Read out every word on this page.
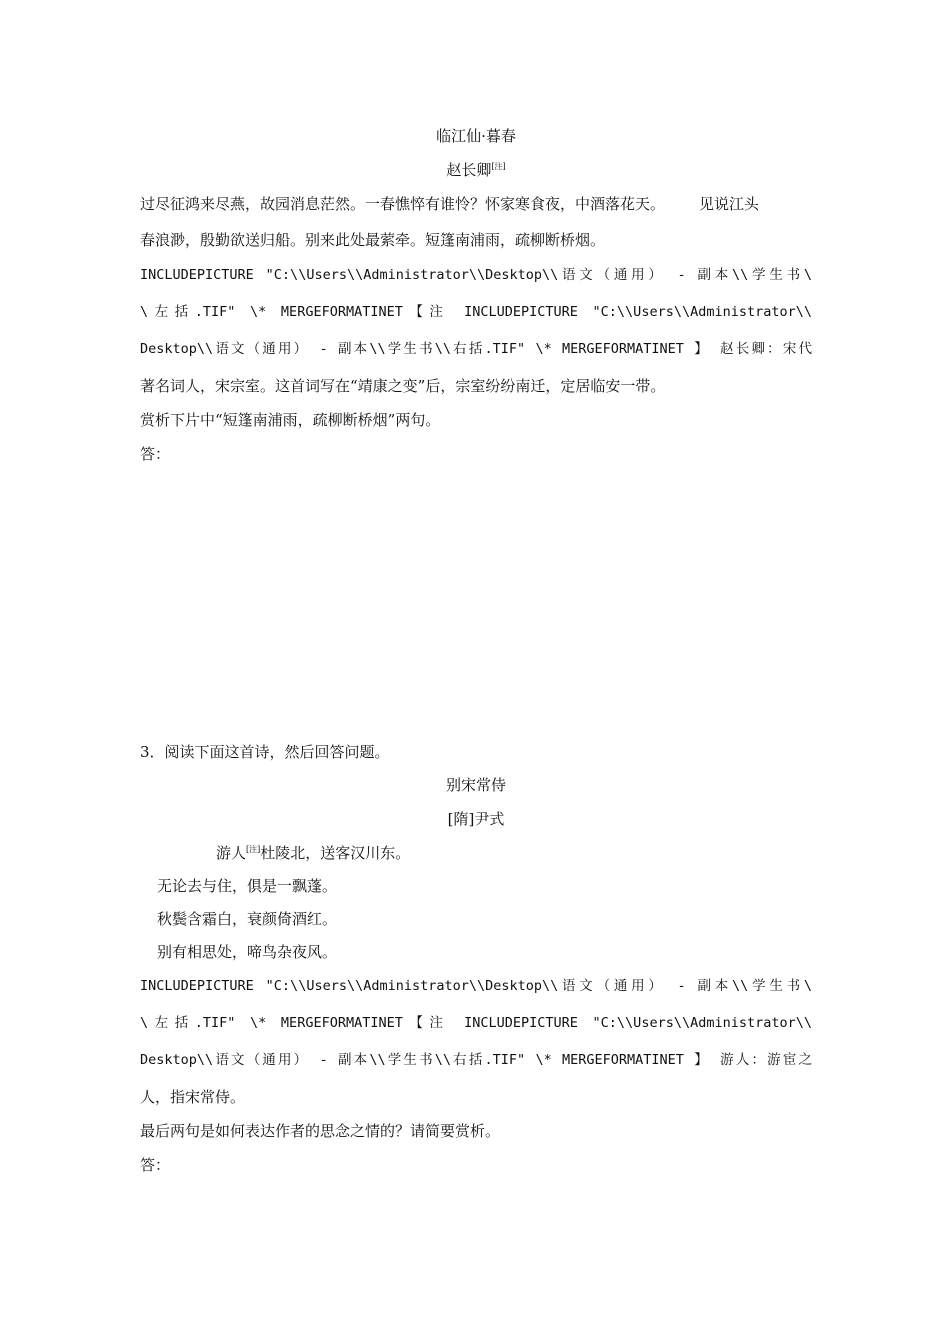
临江仙·暮春
赵长卿[注]
过尽征鸿来尽燕，故园消息茫然。一春憔悴有谁怜？怀家寒食夜，中酒落花天。 见说江头
春浪渺，殷勤欲送归船。别来此处最萦牵。短篷南浦雨，疏柳断桥烟。
INCLUDEPICTURE "C:\\Users\\Administrator\\Desktop\\语文（通用） - 副本\\学生书\
\左括.TIF" \* MERGEFORMATINET【注 INCLUDEPICTURE "C:\\Users\\Administrator\\
Desktop\\语文（通用） - 副本\\学生书\\右括.TIF" \* MERGEFORMATINET 】 赵长卿：宋代
著名词人，宋宗室。这首词写在“靖康之变”后，宗室纷纷南迁，定居临安一带。
赏析下片中“短篷南浦雨，疏柳断桥烟”两句。
答：
3．阅读下面这首诗，然后回答问题。
别宋常侍
[隋]尹式
游人[注]杜陵北，送客汉川东。
无论去与住，俱是一飘蓬。
秋鬓含霜白，衰颜倚酒红。
别有相思处，啼鸟杂夜风。
INCLUDEPICTURE "C:\\Users\\Administrator\\Desktop\\语文（通用） - 副本\\学生书\
\左括.TIF" \* MERGEFORMATINET【注 INCLUDEPICTURE "C:\\Users\\Administrator\\
Desktop\\语文（通用） - 副本\\学生书\\右括.TIF" \* MERGEFORMATINET 】 游人：游宦之
人，指宋常侍。
最后两句是如何表达作者的思念之情的？请简要赏析。
答：
